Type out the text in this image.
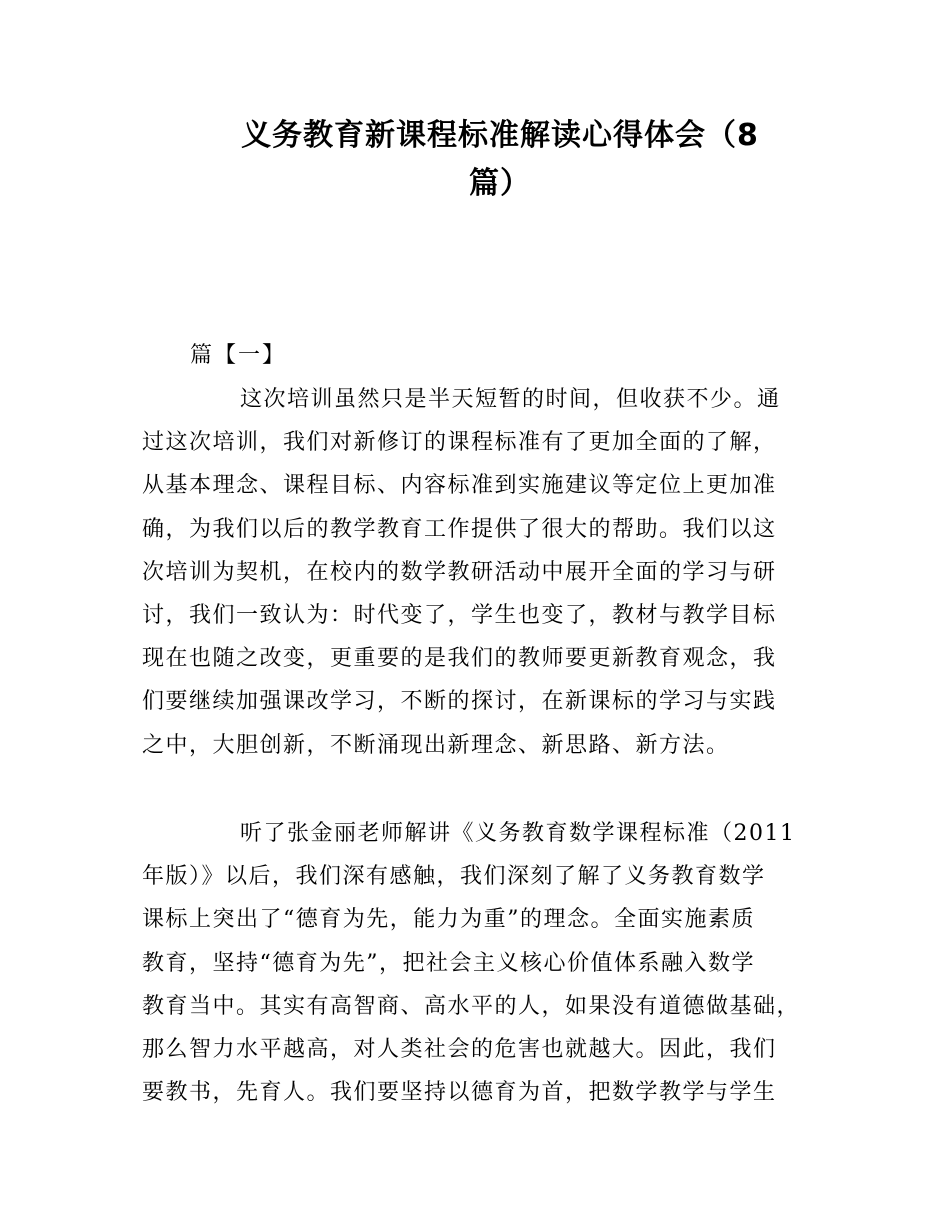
义务教育新课程标准解读心得体会（8
篇）
篇【一】
这次培训虽然只是半天短暂的时间，但收获不少。通
过这次培训，我们对新修订的课程标准有了更加全面的了解，
从基本理念、课程目标、内容标准到实施建议等定位上更加准
确，为我们以后的教学教育工作提供了很大的帮助。我们以这
次培训为契机，在校内的数学教研活动中展开全面的学习与研
讨，我们一致认为：时代变了，学生也变了，教材与教学目标
现在也随之改变，更重要的是我们的教师要更新教育观念，我
们要继续加强课改学习，不断的探讨，在新课标的学习与实践
之中，大胆创新，不断涌现出新理念、新思路、新方法。
听了张金丽老师解讲《义务教育数学课程标准（2011
年版）》以后，我们深有感触，我们深刻了解了义务教育数学
课标上突出了“德育为先，能力为重”的理念。全面实施素质
教育，坚持“德育为先”，把社会主义核心价值体系融入数学
教育当中。其实有高智商、高水平的人，如果没有道德做基础，
那么智力水平越高，对人类社会的危害也就越大。因此，我们
要教书，先育人。我们要坚持以德育为首，把数学教学与学生
